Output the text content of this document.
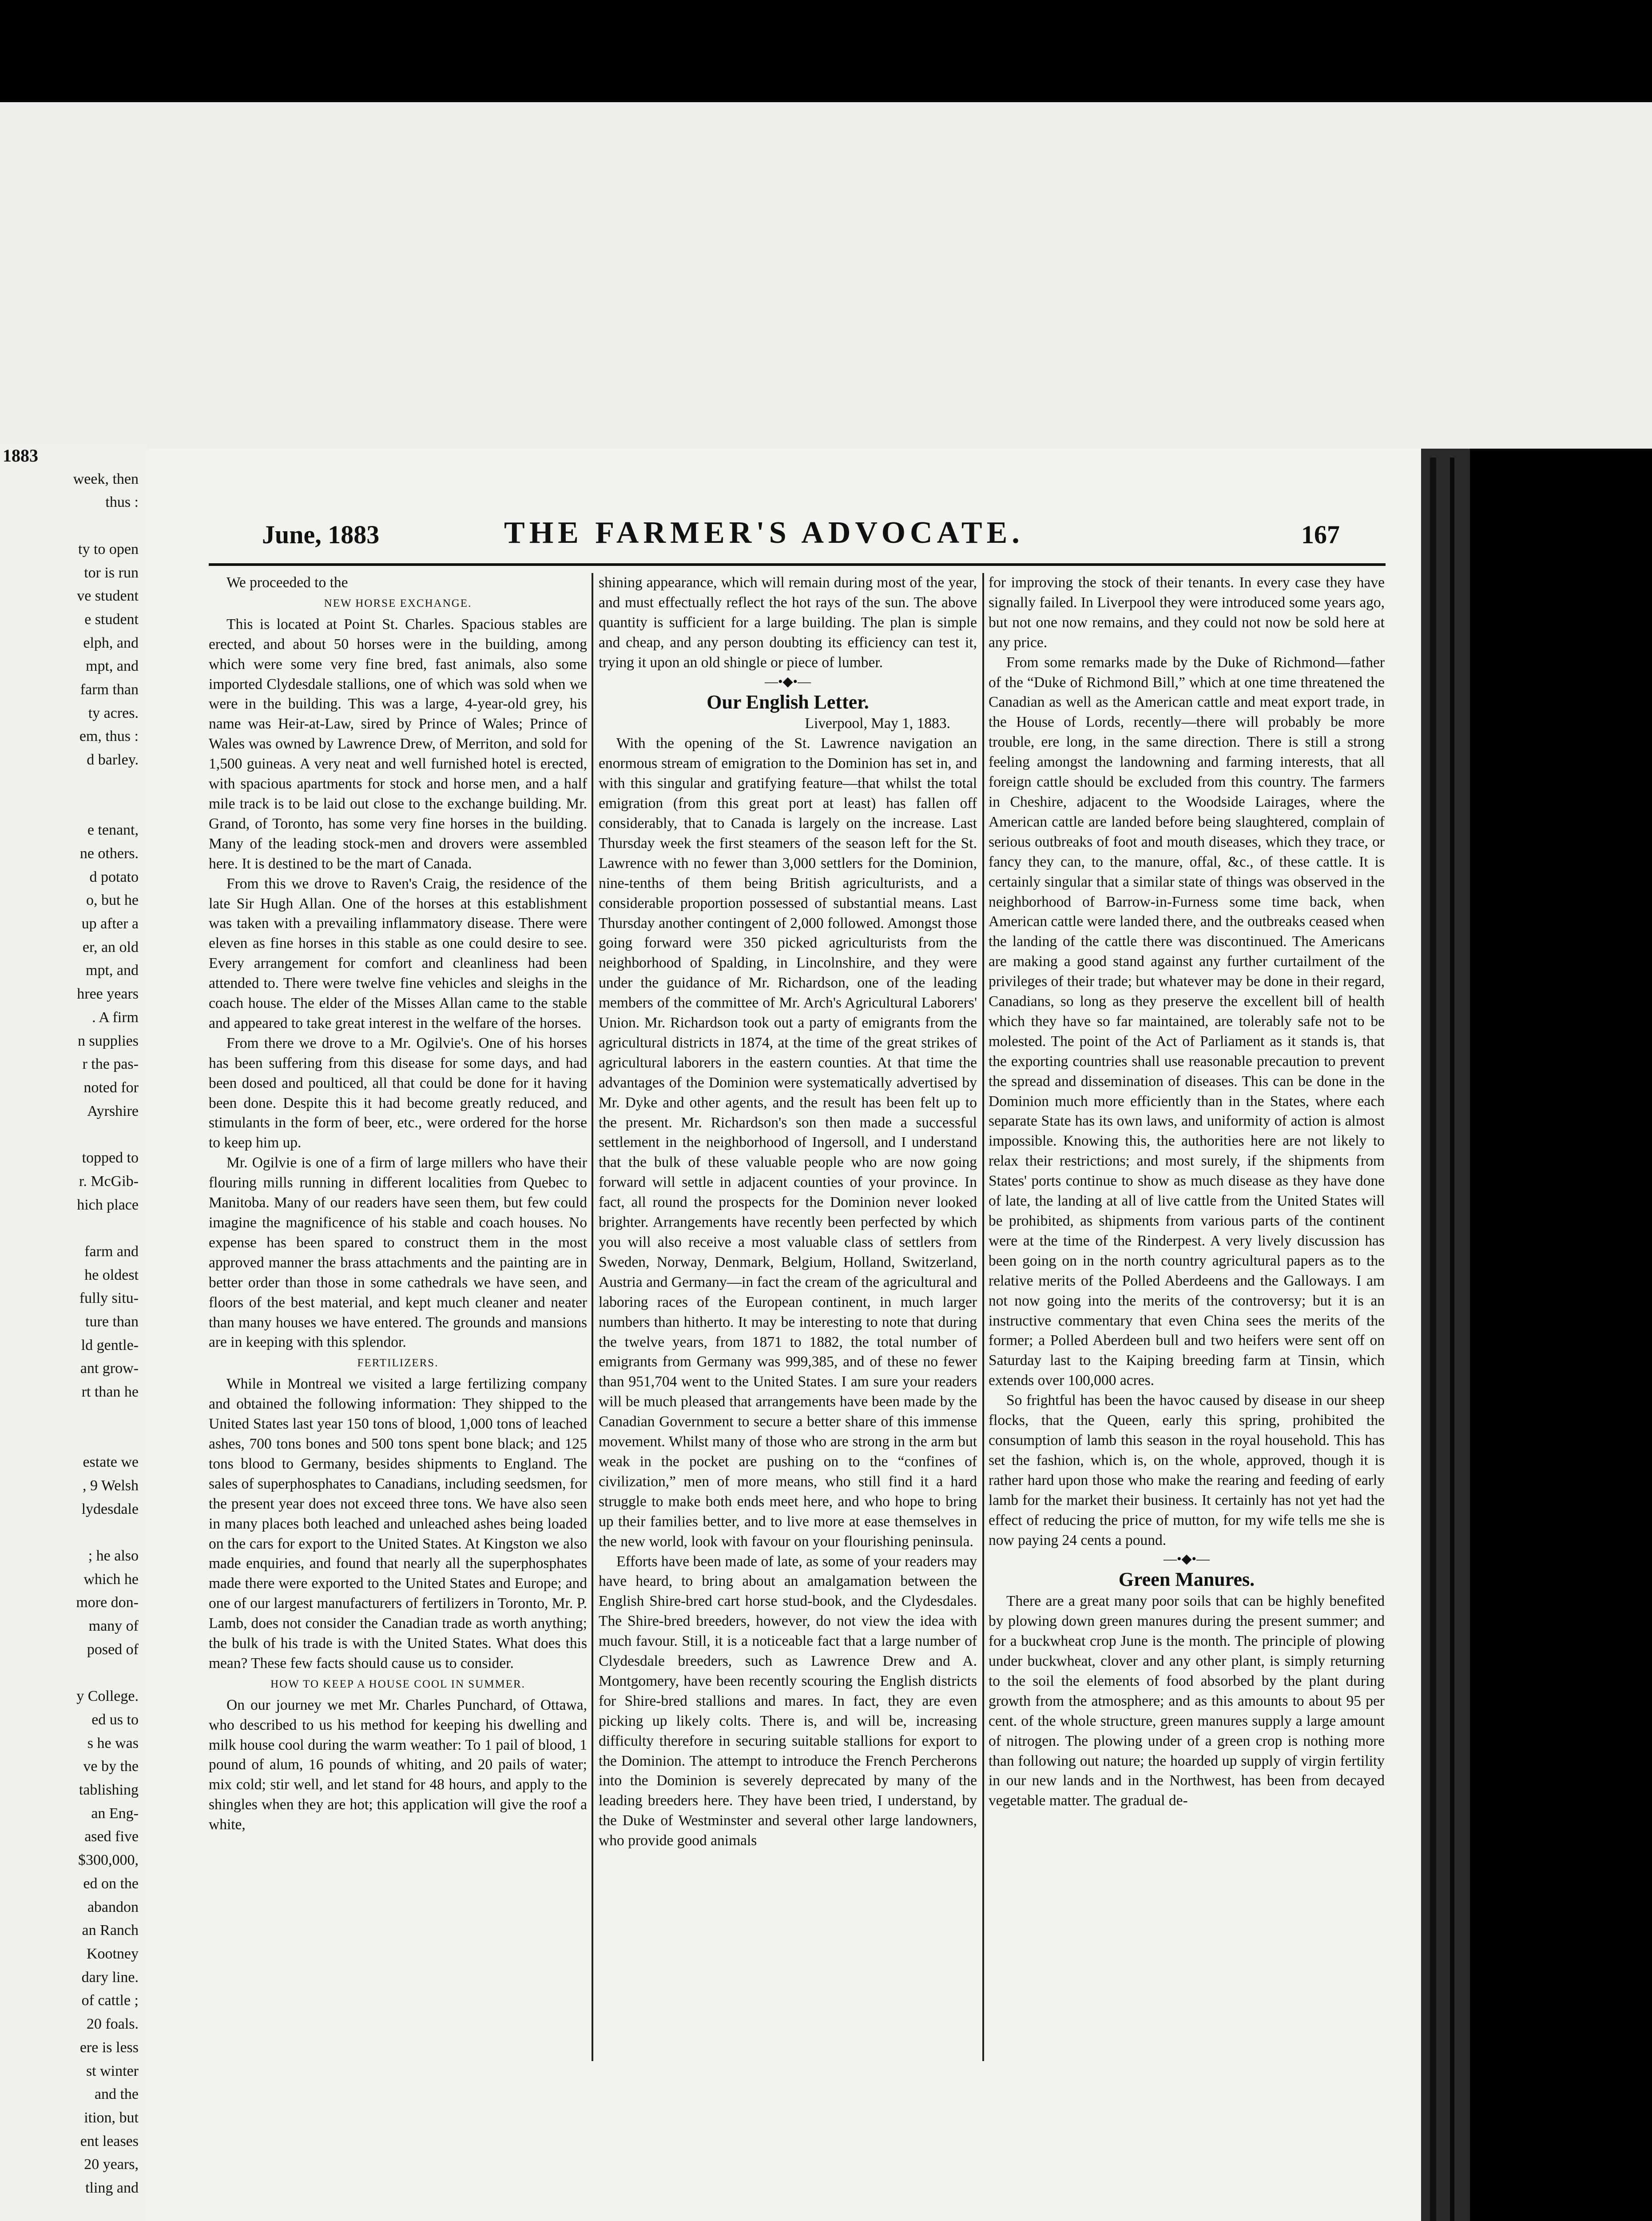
1883
week, then
thus :

ty to open
tor is run
ve student
e student
elph, and
mpt, and
farm than
ty acres.
em, thus :
d barley.

e tenant,
ne others.
d potato
o, but he
up after a
er, an old
mpt, and
hree years
. A firm
n supplies
r the pas-
noted for
Ayrshire

topped to
r. McGib-
hich place

farm and
he oldest
fully situ-
ture than
ld gentle-
ant grow-
rt than he

estate we
, 9 Welsh
lydesdale

; he also
which he
more don-
many of
posed of

y College.
ed us to
s he was
ve by the
tablishing
an Eng-
ased five
$300,000,
ed on the
abandon
an Ranch
Kootney
dary line.
of cattle ;
20 foals.
ere is less
st winter
and the
ition, but
ent leases
20 years,
tling and
June, 1883	THE FARMER'S ADVOCATE.	167

We proceeded to the

NEW HORSE EXCHANGE.

This is located at Point St. Charles. Spacious stables are erected, and about 50 horses were in the building, among which were some very fine bred, fast animals, also some imported Clydesdale stallions, one of which was sold when we were in the building. This was a large, 4-year-old grey, his name was Heir-at-Law, sired by Prince of Wales; Prince of Wales was owned by Lawrence Drew, of Merriton, and sold for 1,500 guineas. A very neat and well furnished hotel is erected, with spacious apartments for stock and horse men, and a half mile track is to be laid out close to the exchange building. Mr. Grand, of Toronto, has some very fine horses in the building. Many of the leading stock-men and drovers were assembled here. It is destined to be the mart of Canada.

From this we drove to Raven's Craig, the residence of the late Sir Hugh Allan. One of the horses at this establishment was taken with a prevailing inflammatory disease. There were eleven as fine horses in this stable as one could desire to see. Every arrangement for comfort and cleanliness had been attended to. There were twelve fine vehicles and sleighs in the coach house. The elder of the Misses Allan came to the stable and appeared to take great interest in the welfare of the horses.

From there we drove to a Mr. Ogilvie's. One of his horses has been suffering from this disease for some days, and had been dosed and poulticed, all that could be done for it having been done. Despite this it had become greatly reduced, and stimulants in the form of beer, etc., were ordered for the horse to keep him up.

Mr. Ogilvie is one of a firm of large millers who have their flouring mills running in different localities from Quebec to Manitoba. Many of our readers have seen them, but few could imagine the magnificence of his stable and coach houses. No expense has been spared to construct them in the most approved manner the brass attachments and the painting are in better order than those in some cathedrals we have seen, and floors of the best material, and kept much cleaner and neater than many houses we have entered. The grounds and mansions are in keeping with this splendor.

FERTILIZERS.

While in Montreal we visited a large fertilizing company and obtained the following information: They shipped to the United States last year 150 tons of blood, 1,000 tons of leached ashes, 700 tons bones and 500 tons spent bone black; and 125 tons blood to Germany, besides shipments to England. The sales of superphosphates to Canadians, including seedsmen, for the present year does not exceed three tons. We have also seen in many places both leached and unleached ashes being loaded on the cars for export to the United States. At Kingston we also made enquiries, and found that nearly all the superphosphates made there were exported to the United States and Europe; and one of our largest manufacturers of fertilizers in Toronto, Mr. P. Lamb, does not consider the Canadian trade as worth anything; the bulk of his trade is with the United States. What does this mean? These few facts should cause us to consider.

HOW TO KEEP A HOUSE COOL IN SUMMER.

On our journey we met Mr. Charles Punchard, of Ottawa, who described to us his method for keeping his dwelling and milk house cool during the warm weather: To 1 pail of blood, 1 pound of alum, 16 pounds of whiting, and 20 pails of water; mix cold; stir well, and let stand for 48 hours, and apply to the shingles when they are hot; this application will give the roof a white,

shining appearance, which will remain during most of the year, and must effectually reflect the hot rays of the sun. The above quantity is sufficient for a large building. The plan is simple and cheap, and any person doubting its efficiency can test it, trying it upon an old shingle or piece of lumber.

—•◆•—
Our English Letter.
Liverpool, May 1, 1883.

With the opening of the St. Lawrence navigation an enormous stream of emigration to the Dominion has set in, and with this singular and gratifying feature—that whilst the total emigration (from this great port at least) has fallen off considerably, that to Canada is largely on the increase. Last Thursday week the first steamers of the season left for the St. Lawrence with no fewer than 3,000 settlers for the Dominion, nine-tenths of them being British agriculturists, and a considerable proportion possessed of substantial means. Last Thursday another contingent of 2,000 followed. Amongst those going forward were 350 picked agriculturists from the neighborhood of Spalding, in Lincolnshire, and they were under the guidance of Mr. Richardson, one of the leading members of the committee of Mr. Arch's Agricultural Laborers' Union. Mr. Richardson took out a party of emigrants from the agricultural districts in 1874, at the time of the great strikes of agricultural laborers in the eastern counties. At that time the advantages of the Dominion were systematically advertised by Mr. Dyke and other agents, and the result has been felt up to the present. Mr. Richardson's son then made a successful settlement in the neighborhood of Ingersoll, and I understand that the bulk of these valuable people who are now going forward will settle in adjacent counties of your province. In fact, all round the prospects for the Dominion never looked brighter. Arrangements have recently been perfected by which you will also receive a most valuable class of settlers from Sweden, Norway, Denmark, Belgium, Holland, Switzerland, Austria and Germany—in fact the cream of the agricultural and laboring races of the European continent, in much larger numbers than hitherto. It may be interesting to note that during the twelve years, from 1871 to 1882, the total number of emigrants from Germany was 999,385, and of these no fewer than 951,704 went to the United States. I am sure your readers will be much pleased that arrangements have been made by the Canadian Government to secure a better share of this immense movement. Whilst many of those who are strong in the arm but weak in the pocket are pushing on to the “confines of civilization,” men of more means, who still find it a hard struggle to make both ends meet here, and who hope to bring up their families better, and to live more at ease themselves in the new world, look with favour on your flourishing peninsula.

Efforts have been made of late, as some of your readers may have heard, to bring about an amalgamation between the English Shire-bred cart horse stud-book, and the Clydesdales. The Shire-bred breeders, however, do not view the idea with much favour. Still, it is a noticeable fact that a large number of Clydesdale breeders, such as Lawrence Drew and A. Montgomery, have been recently scouring the English districts for Shire-bred stallions and mares. In fact, they are even picking up likely colts. There is, and will be, increasing difficulty therefore in securing suitable stallions for export to the Dominion. The attempt to introduce the French Percherons into the Dominion is severely deprecated by many of the leading breeders here. They have been tried, I understand, by the Duke of Westminster and several other large landowners, who provide good animals

for improving the stock of their tenants. In every case they have signally failed. In Liverpool they were introduced some years ago, but not one now remains, and they could not now be sold here at any price.

From some remarks made by the Duke of Richmond—father of the “Duke of Richmond Bill,” which at one time threatened the Canadian as well as the American cattle and meat export trade, in the House of Lords, recently—there will probably be more trouble, ere long, in the same direction. There is still a strong feeling amongst the landowning and farming interests, that all foreign cattle should be excluded from this country. The farmers in Cheshire, adjacent to the Woodside Lairages, where the American cattle are landed before being slaughtered, complain of serious outbreaks of foot and mouth diseases, which they trace, or fancy they can, to the manure, offal, &c., of these cattle. It is certainly singular that a similar state of things was observed in the neighborhood of Barrow-in-Furness some time back, when American cattle were landed there, and the outbreaks ceased when the landing of the cattle there was discontinued. The Americans are making a good stand against any further curtailment of the privileges of their trade; but whatever may be done in their regard, Canadians, so long as they preserve the excellent bill of health which they have so far maintained, are tolerably safe not to be molested. The point of the Act of Parliament as it stands is, that the exporting countries shall use reasonable precaution to prevent the spread and dissemination of diseases. This can be done in the Dominion much more efficiently than in the States, where each separate State has its own laws, and uniformity of action is almost impossible. Knowing this, the authorities here are not likely to relax their restrictions; and most surely, if the shipments from States' ports continue to show as much disease as they have done of late, the landing at all of live cattle from the United States will be prohibited, as shipments from various parts of the continent were at the time of the Rinderpest. A very lively discussion has been going on in the north country agricultural papers as to the relative merits of the Polled Aberdeens and the Galloways. I am not now going into the merits of the controversy; but it is an instructive commentary that even China sees the merits of the former; a Polled Aberdeen bull and two heifers were sent off on Saturday last to the Kaiping breeding farm at Tinsin, which extends over 100,000 acres.

So frightful has been the havoc caused by disease in our sheep flocks, that the Queen, early this spring, prohibited the consumption of lamb this season in the royal household. This has set the fashion, which is, on the whole, approved, though it is rather hard upon those who make the rearing and feeding of early lamb for the market their business. It certainly has not yet had the effect of reducing the price of mutton, for my wife tells me she is now paying 24 cents a pound.

—•◆•—
Green Manures.

There are a great many poor soils that can be highly benefited by plowing down green manures during the present summer; and for a buckwheat crop June is the month. The principle of plowing under buckwheat, clover and any other plant, is simply returning to the soil the elements of food absorbed by the plant during growth from the atmosphere; and as this amounts to about 95 per cent. of the whole structure, green manures supply a large amount of nitrogen. The plowing under of a green crop is nothing more than following out nature; the hoarded up supply of virgin fertility in our new lands and in the Northwest, has been from decayed vegetable matter. The gradual de-
